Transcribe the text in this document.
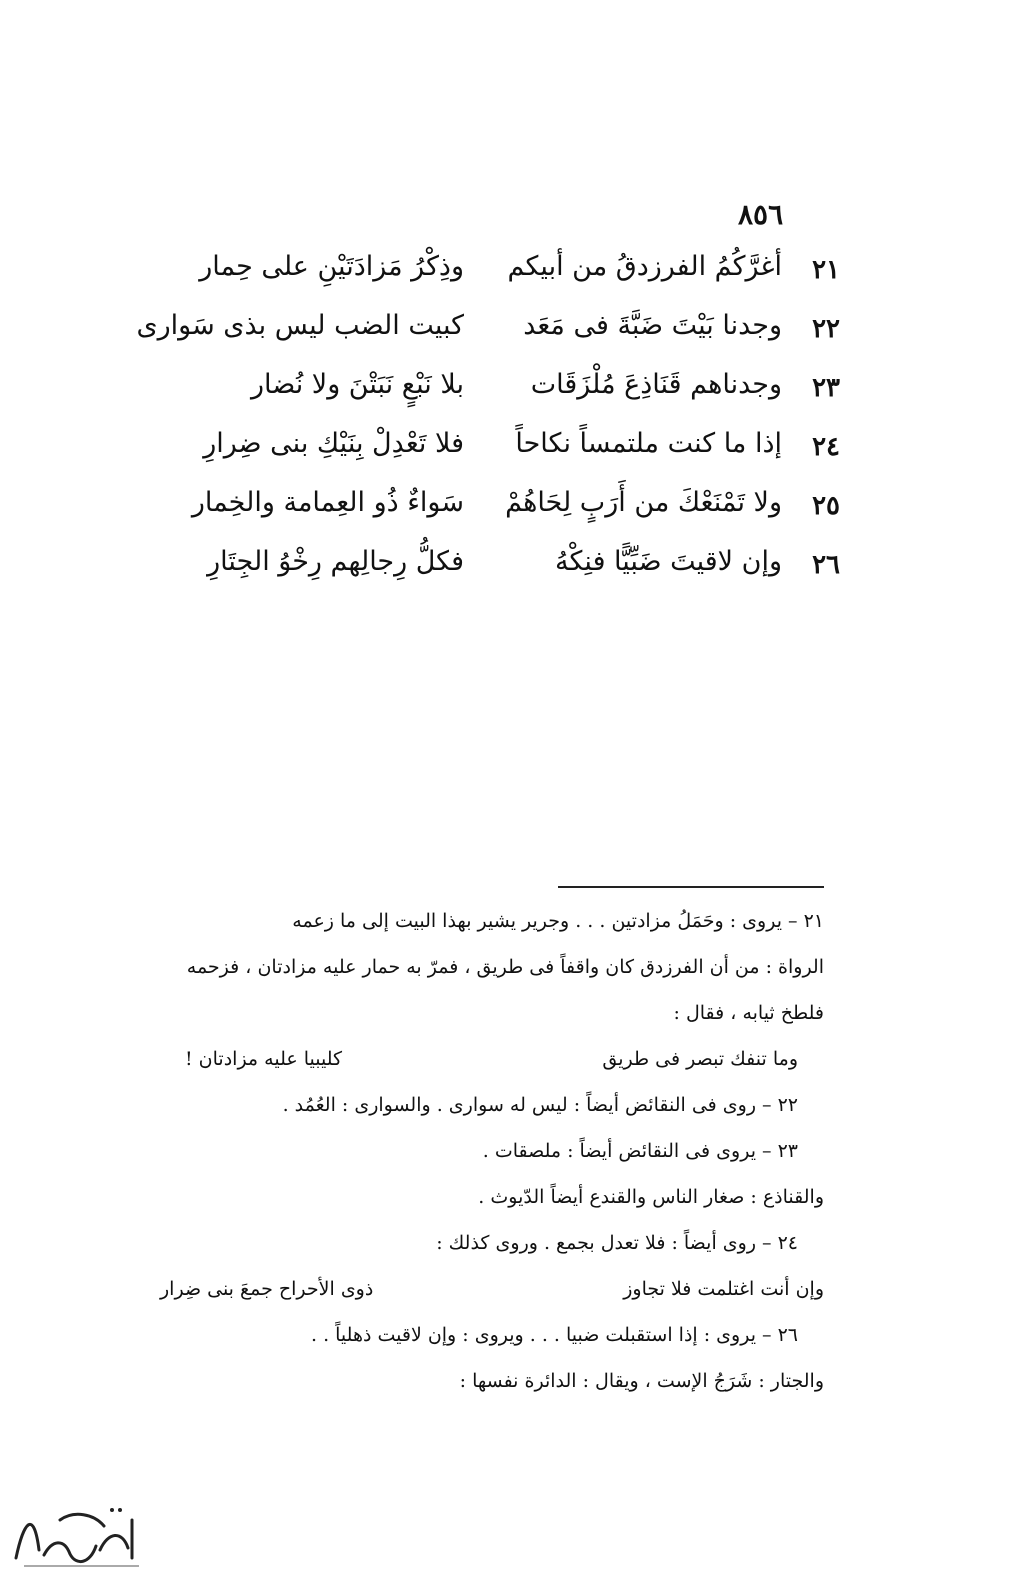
٨٥٦
٢١
أغرَّكُمُ الفرزدقُ من أبيكم
وذِكْرُ مَزادَتَيْنِ على حِمار
٢٢
وجدنا بَيْتَ ضَبَّةَ فى مَعَد
كبيت الضب ليس بذى سَوارى
٢٣
وجدناهم قَنَاذِعَ مُلْزَقَات
بلا نَبْعٍ نَبَتْنَ ولا نُضار
٢٤
إذا ما كنت ملتمساً نكاحاً
فلا تَعْدِلْ بِنَيْكِ بنى ضِرارِ
٢٥
ولا تَمْنَعْكَ من أَرَبٍ لِحَاهُمْ
سَواءٌ ذُو العِمامة والخِمار
٢٦
وإن لاقيتَ ضَبِّيًّا فنِكْهُ
فكلُّ رِجالِهم رِخْوُ الجِتَارِ
٢١ – يروى : وحَمَلُ مزادتين . . . وجرير يشير بهذا البيت إلى ما زعمه
الرواة : من أن الفرزدق كان واقفاً فى طريق ، فمرّ به حمار عليه مزادتان ، فزحمه
فلطخ ثيابه ، فقال :
وما تنفك تبصر فى طريق
كليبيا عليه مزادتان !
٢٢ – روى فى النقائض أيضاً : ليس له سوارى . والسوارى : العُمُد .
٢٣ – يروى فى النقائض أيضاً : ملصقات .
والقناذع : صغار الناس والقندع أيضاً الدّيوث .
٢٤ – روى أيضاً : فلا تعدل بجمع . وروى كذلك :
وإن أنت اغتلمت فلا تجاوز
ذوى الأحراح جمعَ بنى ضِرار
٢٦ – يروى : إذا استقبلت ضبيا . . . ويروى : وإن لاقيت ذهلياً . .
والجتار : شَرَجُ الإست ، ويقال : الدائرة نفسها :
